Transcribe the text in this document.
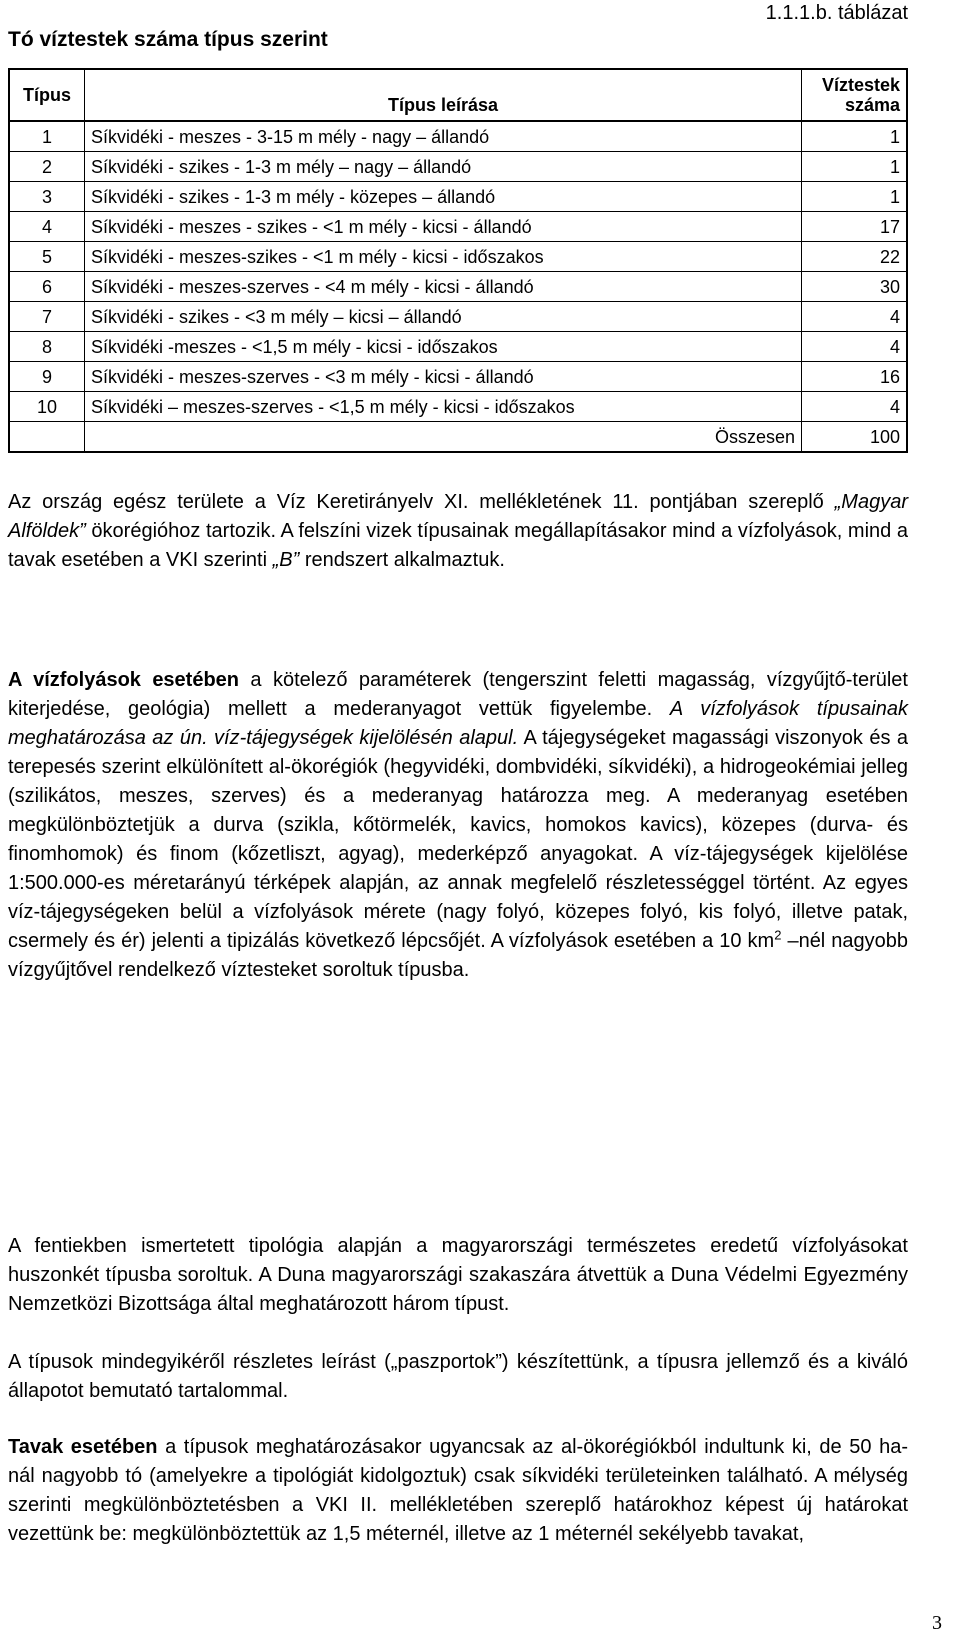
Tó víztestek száma típus szerint
1.1.1.b. táblázat
Típus	Típus leírása	Víztestek száma
1	Síkvidéki - meszes - 3-15 m mély - nagy – állandó	1
2	Síkvidéki - szikes - 1-3 m mély – nagy – állandó	1
3	Síkvidéki - szikes - 1-3 m mély - közepes – állandó	1
4	Síkvidéki - meszes - szikes - <1 m mély - kicsi - állandó	17
5	Síkvidéki - meszes-szikes - <1 m mély - kicsi - időszakos	22
6	Síkvidéki - meszes-szerves - <4 m mély - kicsi - állandó	30
7	Síkvidéki - szikes - <3 m mély – kicsi – állandó	4
8	Síkvidéki -meszes - <1,5 m mély - kicsi - időszakos	4
9	Síkvidéki - meszes-szerves - <3 m mély - kicsi - állandó	16
10	Síkvidéki – meszes-szerves - <1,5 m mély - kicsi - időszakos	4
	Összesen	100

Az ország egész területe a Víz Keretirányelv XI. mellékletének 11. pontjában szereplő „Magyar Alföldek” ökorégióhoz tartozik. A felszíni vizek típusainak megállapításakor mind a vízfolyások, mind a tavak esetében a VKI szerinti „B” rendszert alkalmaztuk.

A vízfolyások esetében a kötelező paraméterek (tengerszint feletti magasság, vízgyűjtő-terület kiterjedése, geológia) mellett a mederanyagot vettük figyelembe. A vízfolyások típusainak meghatározása az ún. víz-tájegységek kijelölésén alapul. A tájegységeket magassági viszonyok és a terepesés szerint elkülönített al-ökorégiók (hegyvidéki, dombvidéki, síkvidéki), a hidrogeokémiai jelleg (szilikátos, meszes, szerves) és a mederanyag határozza meg. A mederanyag esetében megkülönböztetjük a durva (szikla, kőtörmelék, kavics, homokos kavics), közepes (durva- és finomhomok) és finom (kőzetliszt, agyag), mederképző anyagokat. A víz-tájegységek kijelölése 1:500.000-es méretarányú térképek alapján, az annak megfelelő részletességgel történt. Az egyes víz-tájegységeken belül a vízfolyások mérete (nagy folyó, közepes folyó, kis folyó, illetve patak, csermely és ér) jelenti a tipizálás következő lépcsőjét. A vízfolyások esetében a 10 $km^2$ –nél nagyobb vízgyűjtővel rendelkező víztesteket soroltuk típusba.

A fentiekben ismertetett tipológia alapján a magyarországi természetes eredetű vízfolyásokat huszonkét típusba soroltuk. A Duna magyarországi szakaszára átvettük a Duna Védelmi Egyezmény Nemzetközi Bizottsága által meghatározott három típust.

A típusok mindegyikéről részletes leírást („paszportok”) készítettünk, a típusra jellemző és a kiváló állapotot bemutató tartalommal.

Tavak esetében a típusok meghatározásakor ugyancsak az al-ökorégiókból indultunk ki, de 50 ha-nál nagyobb tó (amelyekre a tipológiát kidolgoztuk) csak síkvidéki területeinken található. A mélység szerinti megkülönböztetésben a VKI II. mellékletében szereplő határokhoz képest új határokat vezettünk be: megkülönböztettük az 1,5 méternél, illetve az 1 méternél sekélyebb tavakat,

3
